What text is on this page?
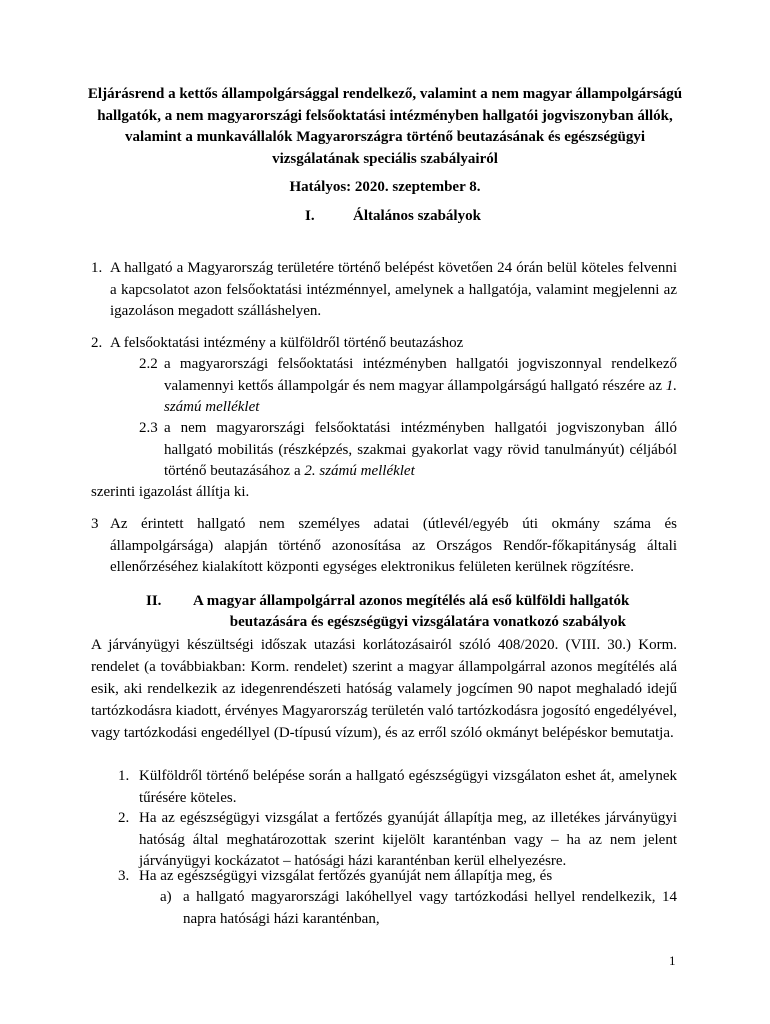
Eljárásrend a kettős állampolgársággal rendelkező, valamint a nem magyar állampolgárságú hallgatók, a nem magyarországi felsőoktatási intézményben hallgatói jogviszonyban állók, valamint a munkavállalók Magyarországra történő beutazásának és egészségügyi vizsgálatának speciális szabályairól
Hatályos: 2020. szeptember 8.
I.	Általános szabályok
1. A hallgató a Magyarország területére történő belépést követően 24 órán belül köteles felvenni a kapcsolatot azon felsőoktatási intézménnyel, amelynek a hallgatója, valamint megjelenni az igazoláson megadott szálláshelyen.
2. A felsőoktatási intézmény a külföldről történő beutazáshoz
2.2 a magyarországi felsőoktatási intézményben hallgatói jogviszonnyal rendelkező valamennyi kettős állampolgár és nem magyar állampolgárságú hallgató részére az 1. számú melléklet
2.3 a nem magyarországi felsőoktatási intézményben hallgatói jogviszonyban álló hallgató mobilitás (részképzés, szakmai gyakorlat vagy rövid tanulmányút) céljából történő beutazásához a 2. számú melléklet
szerinti igazolást állítja ki.
3 Az érintett hallgató nem személyes adatai (útlevél/egyéb úti okmány száma és állampolgársága) alapján történő azonosítása az Országos Rendőr-főkapitányság általi ellenőrzéséhez kialakított központi egységes elektronikus felületen kerülnek rögzítésre.
II. A magyar állampolgárral azonos megítélés alá eső külföldi hallgatók
beutazására és egészségügyi vizsgálatára vonatkozó szabályok
A járványügyi készültségi időszak utazási korlátozásairól szóló 408/2020. (VIII. 30.) Korm. rendelet (a továbbiakban: Korm. rendelet) szerint a magyar állampolgárral azonos megítélés alá esik, aki rendelkezik az idegenrendészeti hatóság valamely jogcímen 90 napot meghaladó idejű tartózkodásra kiadott, érvényes Magyarország területén való tartózkodásra jogosító engedélyével, vagy tartózkodási engedéllyel (D-típusú vízum), és az erről szóló okmányt belépéskor bemutatja.
1. Külföldről történő belépése során a hallgató egészségügyi vizsgálaton eshet át, amelynek tűrésére köteles.
2. Ha az egészségügyi vizsgálat a fertőzés gyanúját állapítja meg, az illetékes járványügyi hatóság által meghatározottak szerint kijelölt karanténban vagy – ha az nem jelent járványügyi kockázatot – hatósági házi karanténban kerül elhelyezésre.
3. Ha az egészségügyi vizsgálat fertőzés gyanúját nem állapítja meg, és
a) a hallgató magyarországi lakóhellyel vagy tartózkodási hellyel rendelkezik, 14 napra hatósági házi karanténban,
1
